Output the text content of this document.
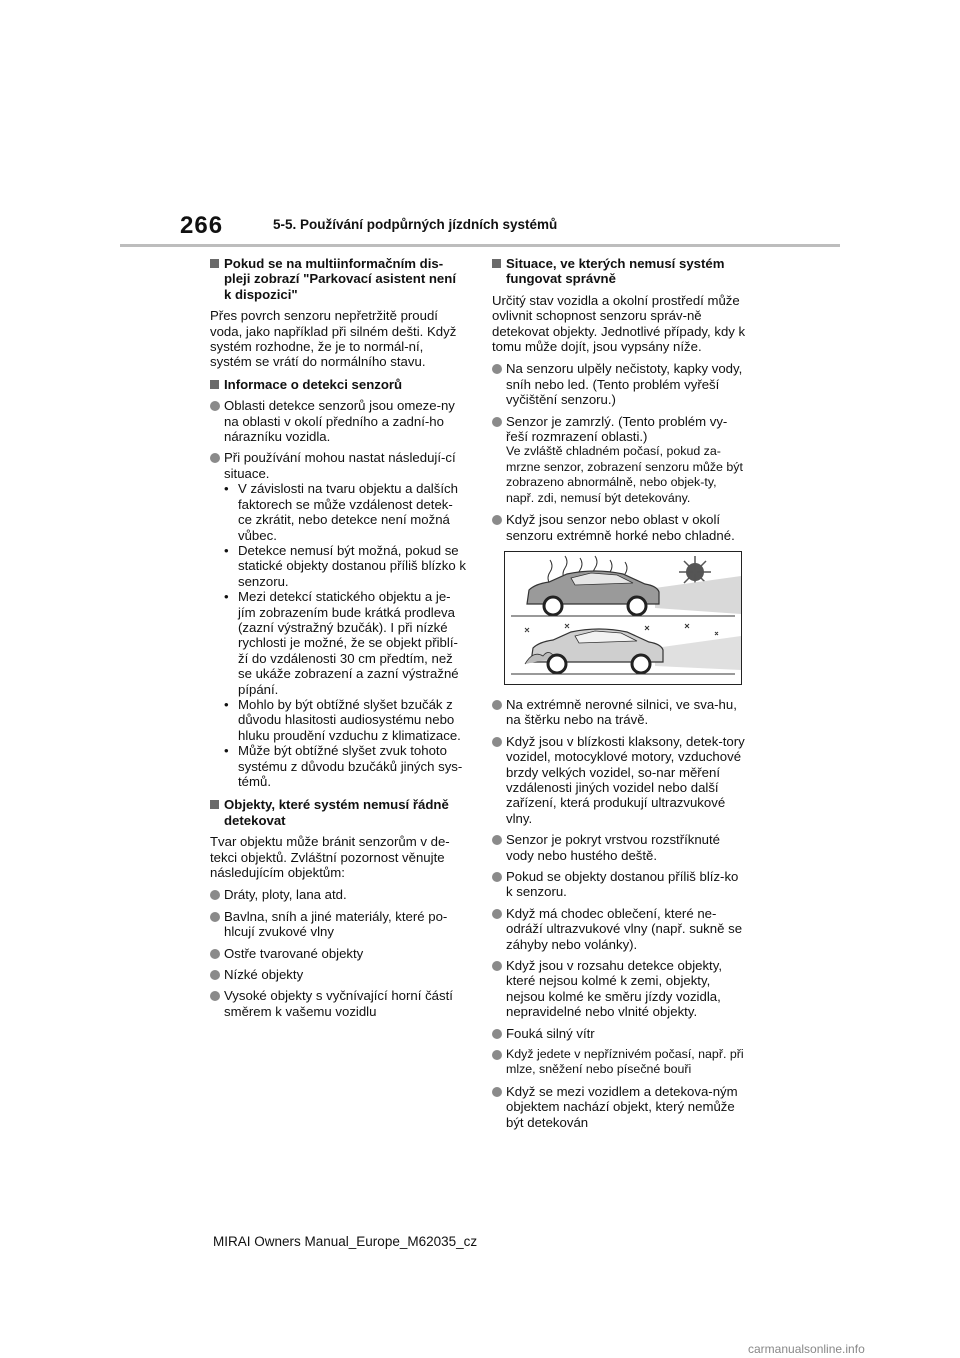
266	5-5. Používání podpůrných jízdních systémů
Pokud se na multiinformačním dis-pleji zobrazí "Parkovací asistent není k dispozici"

Přes povrch senzoru nepřetržitě proudí voda, jako například při silném dešti. Když systém rozhodne, že je to normál-ní, systém se vrátí do normálního stavu.

Informace o detekci senzorů
Oblasti detekce senzorů jsou omeze-ny na oblasti v okolí předního a zadní-ho nárazníku vozidla.
Při používání mohou nastat následují-cí situace.
• V závislosti na tvaru objektu a dalších faktorech se může vzdálenost detek-ce zkrátit, nebo detekce není možná vůbec.
• Detekce nemusí být možná, pokud se statické objekty dostanou příliš blízko k senzoru.
• Mezi detekcí statického objektu a je-jím zobrazením bude krátká prodleva (zazní výstražný bzučák). I při nízké rychlosti je možné, že se objekt přiblí-ží do vzdálenosti 30 cm předtím, než se ukáže zobrazení a zazní výstražné pípání.
• Mohlo by být obtížné slyšet bzučák z důvodu hlasitosti audiosystému nebo hluku proudění vzduchu z klimatizace.
• Může být obtížné slyšet zvuk tohoto systému z důvodu bzučáků jiných sys-témů.
Objekty, které systém nemusí řádně detekovat

Tvar objektu může bránit senzorům v de-tekci objektů. Zvláštní pozornost věnujte následujícím objektům:

Dráty, ploty, lana atd.
Bavlna, sníh a jiné materiály, které po-hlcují zvukové vlny
Ostře tvarované objekty
Nízké objekty
Vysoké objekty s vyčnívající horní částí směrem k vašemu vozidlu
Situace, ve kterých nemusí systém fungovat správně

Určitý stav vozidla a okolní prostředí může ovlivnit schopnost senzoru správ-ně detekovat objekty. Jednotlivé případy, kdy k tomu může dojít, jsou vypsány níže.

Na senzoru ulpěly nečistoty, kapky vody, sníh nebo led. (Tento problém vyřeší vyčištění senzoru.)
Senzor je zamrzlý. (Tento problém vy-řeší rozmrazení oblasti.)
Ve zvláště chladném počasí, pokud za-mrzne senzor, zobrazení senzoru může být zobrazeno abnormálně, nebo objek-ty, např. zdi, nemusí být detekovány.
Když jsou senzor nebo oblast v okolí senzoru extrémně horké nebo chladné.
Na extrémně nerovné silnici, ve sva-hu, na štěrku nebo na trávě.
Když jsou v blízkosti klaksony, detek-tory vozidel, motocyklové motory, vzduchové brzdy velkých vozidel, so-nar měření vzdálenosti jiných vozidel nebo další zařízení, která produkují ultrazvukové vlny.
Senzor je pokryt vrstvou rozstříknuté vody nebo hustého deště.
Pokud se objekty dostanou příliš blíz-ko k senzoru.
Když má chodec oblečení, které ne-odráží ultrazvukové vlny (např. sukně se záhyby nebo volánky).
Když jsou v rozsahu detekce objekty, které nejsou kolmé k zemi, objekty, nejsou kolmé ke směru jízdy vozidla, nepravidelné nebo vlnité objekty.
Fouká silný vítr
Když jedete v nepříznivém počasí, např. při mlze, sněžení nebo písečné bouři
Když se mezi vozidlem a detekova-ným objektem nachází objekt, který nemůže být detekován
MIRAI Owners Manual_Europe_M62035_cz
carmanualsonline.info
